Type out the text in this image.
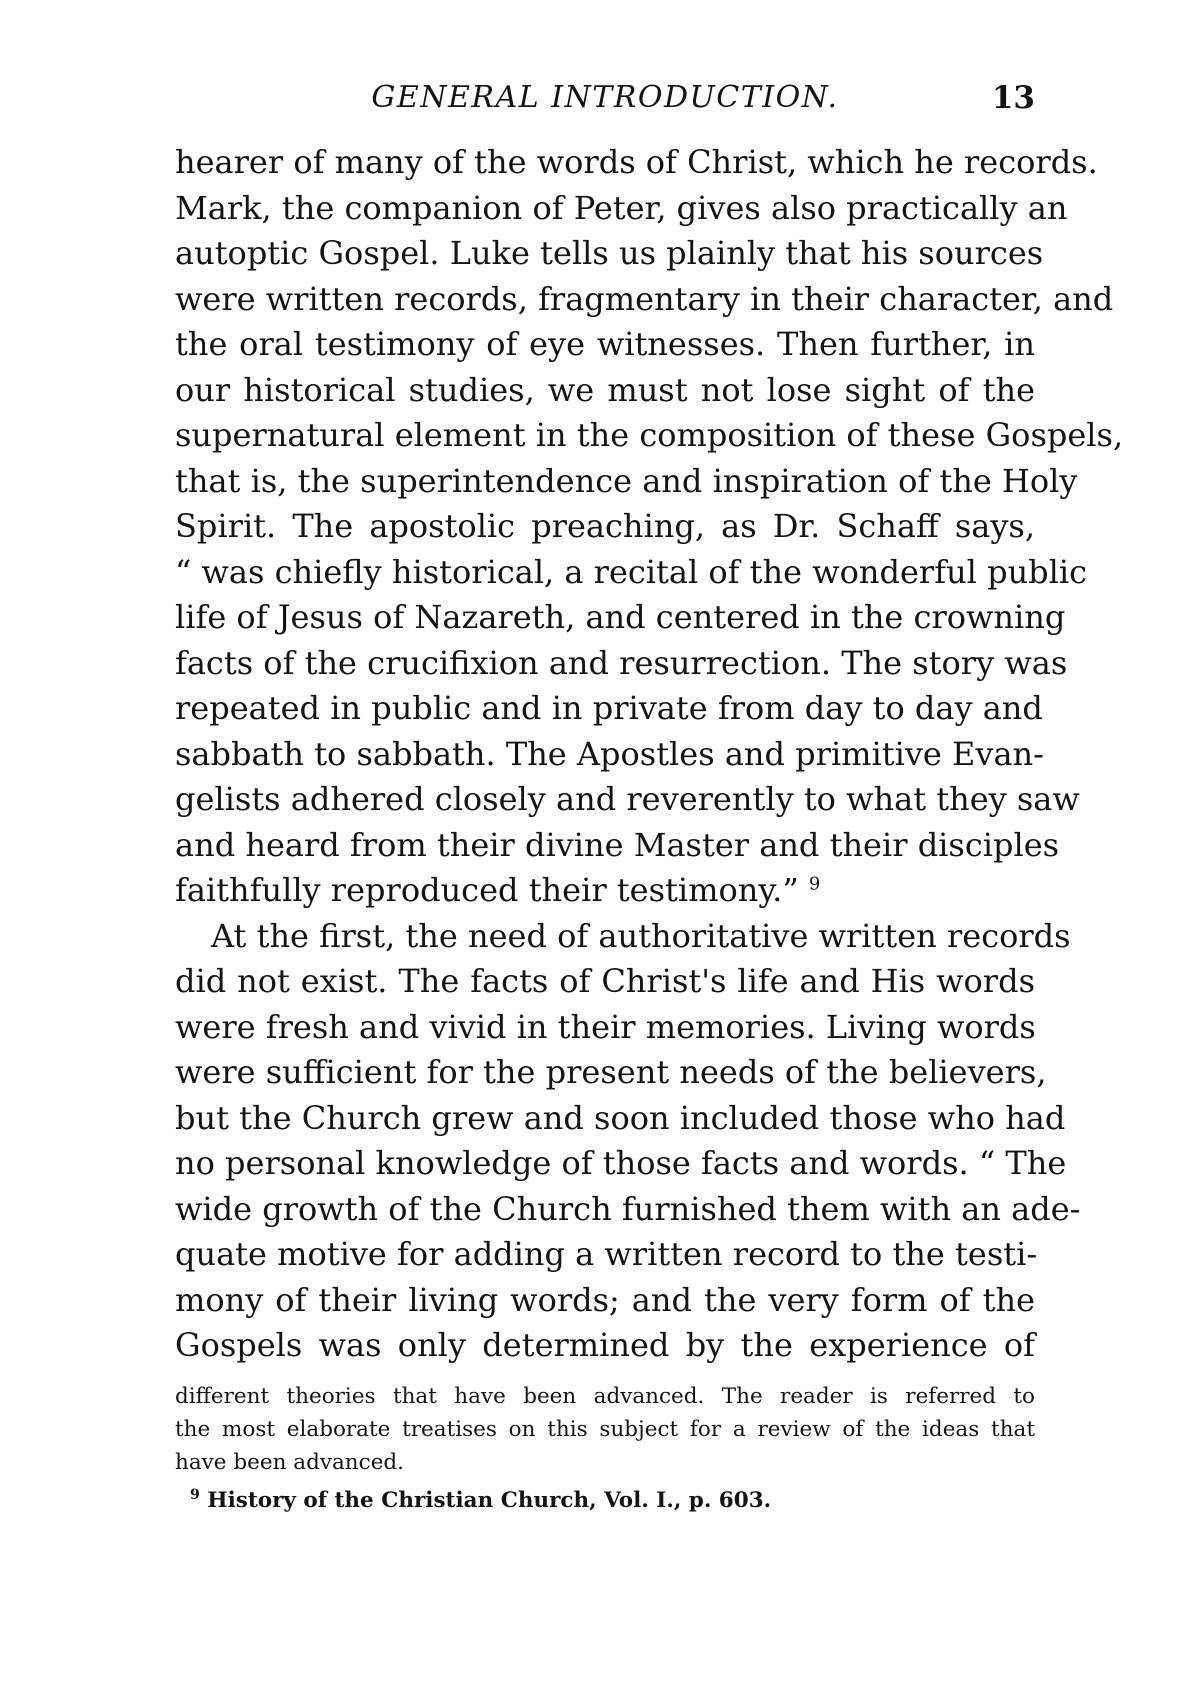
GENERAL INTRODUCTION.	13

hearer of many of the words of Christ, which he records.
Mark, the companion of Peter, gives also practically an
autoptic Gospel. Luke tells us plainly that his sources
were written records, fragmentary in their character, and
the oral testimony of eye witnesses. Then further, in
our historical studies, we must not lose sight of the
supernatural element in the composition of these Gospels,
that is, the superintendence and inspiration of the Holy
Spirit. The apostolic preaching, as Dr. Schaff says,
“ was chiefly historical, a recital of the wonderful public
life of Jesus of Nazareth, and centered in the crowning
facts of the crucifixion and resurrection. The story was
repeated in public and in private from day to day and
sabbath to sabbath. The Apostles and primitive Evan-
gelists adhered closely and reverently to what they saw
and heard from their divine Master and their disciples
faithfully reproduced their testimony.” $^9$

At the first, the need of authoritative written records
did not exist. The facts of Christ's life and His words
were fresh and vivid in their memories. Living words
were sufficient for the present needs of the believers,
but the Church grew and soon included those who had
no personal knowledge of those facts and words. “ The
wide growth of the Church furnished them with an ade-
quate motive for adding a written record to the testi-
mony of their living words; and the very form of the
Gospels was only determined by the experience of

different theories that have been advanced. The reader is referred to
the most elaborate treatises on this subject for a review of the ideas that
have been advanced.

$^9$ History of the Christian Church, Vol. I., p. 603.
